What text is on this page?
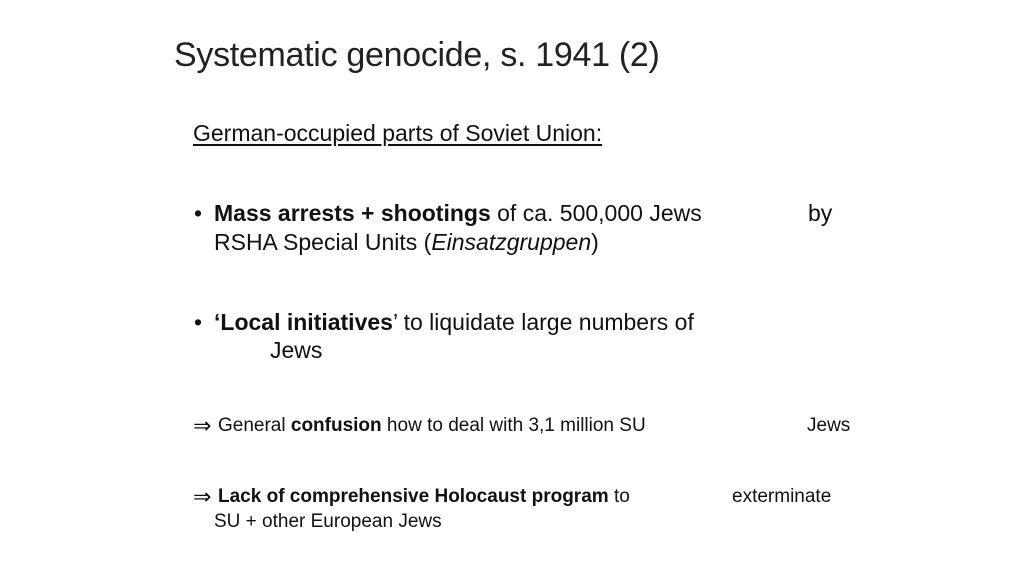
Systematic genocide, s. 1941 (2)
German-occupied parts of Soviet Union:
• Mass arrests + shootings of ca. 500,000 Jews	by
RSHA Special Units (Einsatzgruppen)
• ‘Local initiatives’ to liquidate large numbers of
Jews
⇒ General confusion how to deal with 3,1 million SU	Jews
⇒ Lack of comprehensive Holocaust program to	exterminate
SU + other European Jews
